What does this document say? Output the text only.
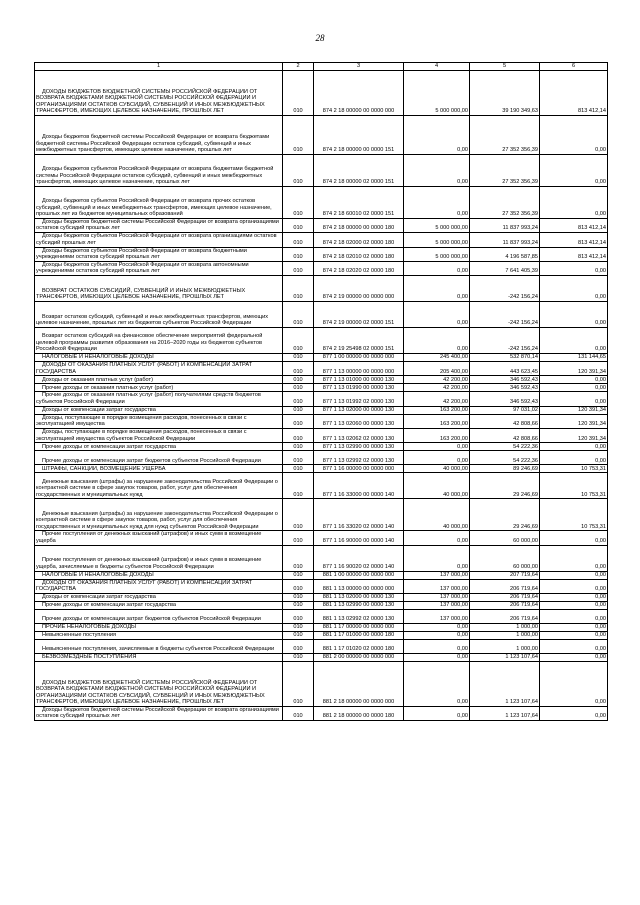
28
1	2	3	4	5	6

ДОХОДЫ БЮДЖЕТОВ БЮДЖЕТНОЙ СИСТЕМЫ РОССИЙСКОЙ ФЕДЕРАЦИИ ОТ ВОЗВРАТА БЮДЖЕТАМИ БЮДЖЕТНОЙ СИСТЕМЫ РОССИЙСКОЙ ФЕДЕРАЦИИ И ОРГАНИЗАЦИЯМИ ОСТАТКОВ СУБСИДИЙ, СУБВЕНЦИЙ И ИНЫХ МЕЖБЮДЖЕТНЫХ ТРАНСФЕРТОВ, ИМЕЮЩИХ ЦЕЛЕВОЕ НАЗНАЧЕНИЕ, ПРОШЛЫХ ЛЕТ	010	874 2 18 00000 00 0000 000	5 000 000,00	39 190 349,63	813 412,14

Доходы бюджетов бюджетной системы Российской Федерации от возврата бюджетами бюджетной системы Российской Федерации остатков субсидий, субвенций и иных межбюджетных трансфертов, имеющих целевое назначение, прошлых лет	010	874 2 18 00000 00 0000 151	0,00	27 352 356,39	0,00

Доходы бюджетов субъектов Российской Федерации от возврата бюджетами бюджетной системы Российской Федерации остатков субсидий, субвенций и иных межбюджетных трансфертов, имеющих целевое назначение, прошлых лет	010	874 2 18 00000 02 0000 151	0,00	27 352 356,39	0,00

Доходы бюджетов субъектов Российской Федерации от возврата прочих остатков субсидий, субвенций и иных межбюджетных трансфертов, имеющих целевое назначение, прошлых лет из бюджетов муниципальных образований	010	874 2 18 60010 02 0000 151	0,00	27 352 356,39	0,00

Доходы бюджетов бюджетной системы Российской Федерации от возврата организациями остатков субсидий прошлых лет	010	874 2 18 00000 00 0000 180	5 000 000,00	11 837 993,24	813 412,14

Доходы бюджетов субъектов Российской Федерации от возврата организациями остатков субсидий прошлых лет	010	874 2 18 02000 02 0000 180	5 000 000,00	11 837 993,24	813 412,14

Доходы бюджетов субъектов Российской Федерации от возврата бюджетными учреждениями остатков субсидий прошлых лет	010	874 2 18 02010 02 0000 180	5 000 000,00	4 196 587,85	813 412,14

Доходы бюджетов субъектов Российской Федерации от возврата автономными учреждениями остатков субсидий прошлых лет	010	874 2 18 02020 02 0000 180	0,00	7 641 405,39	0,00

ВОЗВРАТ ОСТАТКОВ СУБСИДИЙ, СУБВЕНЦИЙ И ИНЫХ МЕЖБЮДЖЕТНЫХ ТРАНСФЕРТОВ, ИМЕЮЩИХ ЦЕЛЕВОЕ НАЗНАЧЕНИЕ, ПРОШЛЫХ ЛЕТ	010	874 2 19 00000 00 0000 000	0,00	-242 156,24	0,00

Возврат остатков субсидий, субвенций и иных межбюджетных трансфертов, имеющих целевое назначение, прошлых лет из бюджетов субъектов Российской Федерации	010	874 2 19 00000 02 0000 151	0,00	-242 156,24	0,00

Возврат остатков субсидий на финансовое обеспечение мероприятий федеральной целевой программы развития образования на 2016–2020 годы из бюджетов субъектов Российской Федерации	010	874 2 19 25498 02 0000 151	0,00	-242 156,24	0,00

НАЛОГОВЫЕ И НЕНАЛОГОВЫЕ ДОХОДЫ	010	877 1 00 00000 00 0000 000	245 400,00	532 870,14	131 144,65

ДОХОДЫ ОТ ОКАЗАНИЯ ПЛАТНЫХ УСЛУГ (РАБОТ) И КОМПЕНСАЦИИ ЗАТРАТ ГОСУДАРСТВА	010	877 1 13 00000 00 0000 000	205 400,00	443 623,45	120 391,34

Доходы от оказания платных услуг (работ)	010	877 1 13 01000 00 0000 130	42 200,00	346 592,43	0,00

Прочие доходы от оказания платных услуг (работ)	010	877 1 13 01990 00 0000 130	42 200,00	346 592,43	0,00

Прочие доходы от оказания платных услуг (работ) получателями средств бюджетов субъектов Российской Федерации	010	877 1 13 01992 02 0000 130	42 200,00	346 592,43	0,00

Доходы от компенсации затрат государства	010	877 1 13 02000 00 0000 130	163 200,00	97 031,02	120 391,34

Доходы, поступающие в порядке возмещения расходов, понесенных в связи с эксплуатацией имущества	010	877 1 13 02060 00 0000 130	163 200,00	42 808,66	120 391,34

Доходы, поступающие в порядке возмещения расходов, понесенных в связи с эксплуатацией имущества субъектов Российской Федерации	010	877 1 13 02062 02 0000 130	163 200,00	42 808,66	120 391,34

Прочие доходы от компенсации затрат государства	010	877 1 13 02990 00 0000 130	0,00	54 222,36	0,00

Прочие доходы от компенсации затрат бюджетов субъектов Российской Федерации	010	877 1 13 02992 02 0000 130	0,00	54 222,36	0,00

ШТРАФЫ, САНКЦИИ, ВОЗМЕЩЕНИЕ УЩЕРБА	010	877 1 16 00000 00 0000 000	40 000,00	89 246,69	10 753,31

Денежные взыскания (штрафы) за нарушение законодательства Российской Федерации о контрактной системе в сфере закупок товаров, работ, услуг для обеспечения государственных и муниципальных нужд	010	877 1 16 33000 00 0000 140	40 000,00	29 246,69	10 753,31

Денежные взыскания (штрафы) за нарушение законодательства Российской Федерации о контрактной системе в сфере закупок товаров, работ, услуг для обеспечения государственных и муниципальных нужд для нужд субъектов Российской Федерации	010	877 1 16 33020 02 0000 140	40 000,00	29 246,69	10 753,31

Прочие поступления от денежных взысканий (штрафов) и иных сумм в возмещение ущерба	010	877 1 16 90000 00 0000 140	0,00	60 000,00	0,00

Прочие поступления от денежных взысканий (штрафов) и иных сумм в возмещение ущерба, зачисляемые в бюджеты субъектов Российской Федерации	010	877 1 16 90020 02 0000 140	0,00	60 000,00	0,00

НАЛОГОВЫЕ И НЕНАЛОГОВЫЕ ДОХОДЫ	010	881 1 00 00000 00 0000 000	137 000,00	207 719,64	0,00

ДОХОДЫ ОТ ОКАЗАНИЯ ПЛАТНЫХ УСЛУГ (РАБОТ) И КОМПЕНСАЦИИ ЗАТРАТ ГОСУДАРСТВА	010	881 1 13 00000 00 0000 000	137 000,00	206 719,64	0,00

Доходы от компенсации затрат государства	010	881 1 13 02000 00 0000 130	137 000,00	206 719,64	0,00

Прочие доходы от компенсации затрат государства	010	881 1 13 02990 00 0000 130	137 000,00	206 719,64	0,00

Прочие доходы от компенсации затрат бюджетов субъектов Российской Федерации	010	881 1 13 02992 02 0000 130	137 000,00	206 719,64	0,00

ПРОЧИЕ НЕНАЛОГОВЫЕ ДОХОДЫ	010	881 1 17 00000 00 0000 000	0,00	1 000,00	0,00

Невыясненные поступления	010	881 1 17 01000 00 0000 180	0,00	1 000,00	0,00

Невыясненные поступления, зачисляемые в бюджеты субъектов Российской Федерации	010	881 1 17 01020 02 0000 180	0,00	1 000,00	0,00

БЕЗВОЗМЕЗДНЫЕ ПОСТУПЛЕНИЯ	010	881 2 00 00000 00 0000 000	0,00	1 123 107,64	0,00

ДОХОДЫ БЮДЖЕТОВ БЮДЖЕТНОЙ СИСТЕМЫ РОССИЙСКОЙ ФЕДЕРАЦИИ ОТ ВОЗВРАТА БЮДЖЕТАМИ БЮДЖЕТНОЙ СИСТЕМЫ РОССИЙСКОЙ ФЕДЕРАЦИИ И ОРГАНИЗАЦИЯМИ ОСТАТКОВ СУБСИДИЙ, СУБВЕНЦИЙ И ИНЫХ МЕЖБЮДЖЕТНЫХ ТРАНСФЕРТОВ, ИМЕЮЩИХ ЦЕЛЕВОЕ НАЗНАЧЕНИЕ, ПРОШЛЫХ ЛЕТ	010	881 2 18 00000 00 0000 000	0,00	1 123 107,64	0,00

Доходы бюджетов бюджетной системы Российской Федерации от возврата организациями остатков субсидий прошлых лет	010	881 2 18 00000 00 0000 180	0,00	1 123 107,64	0,00
